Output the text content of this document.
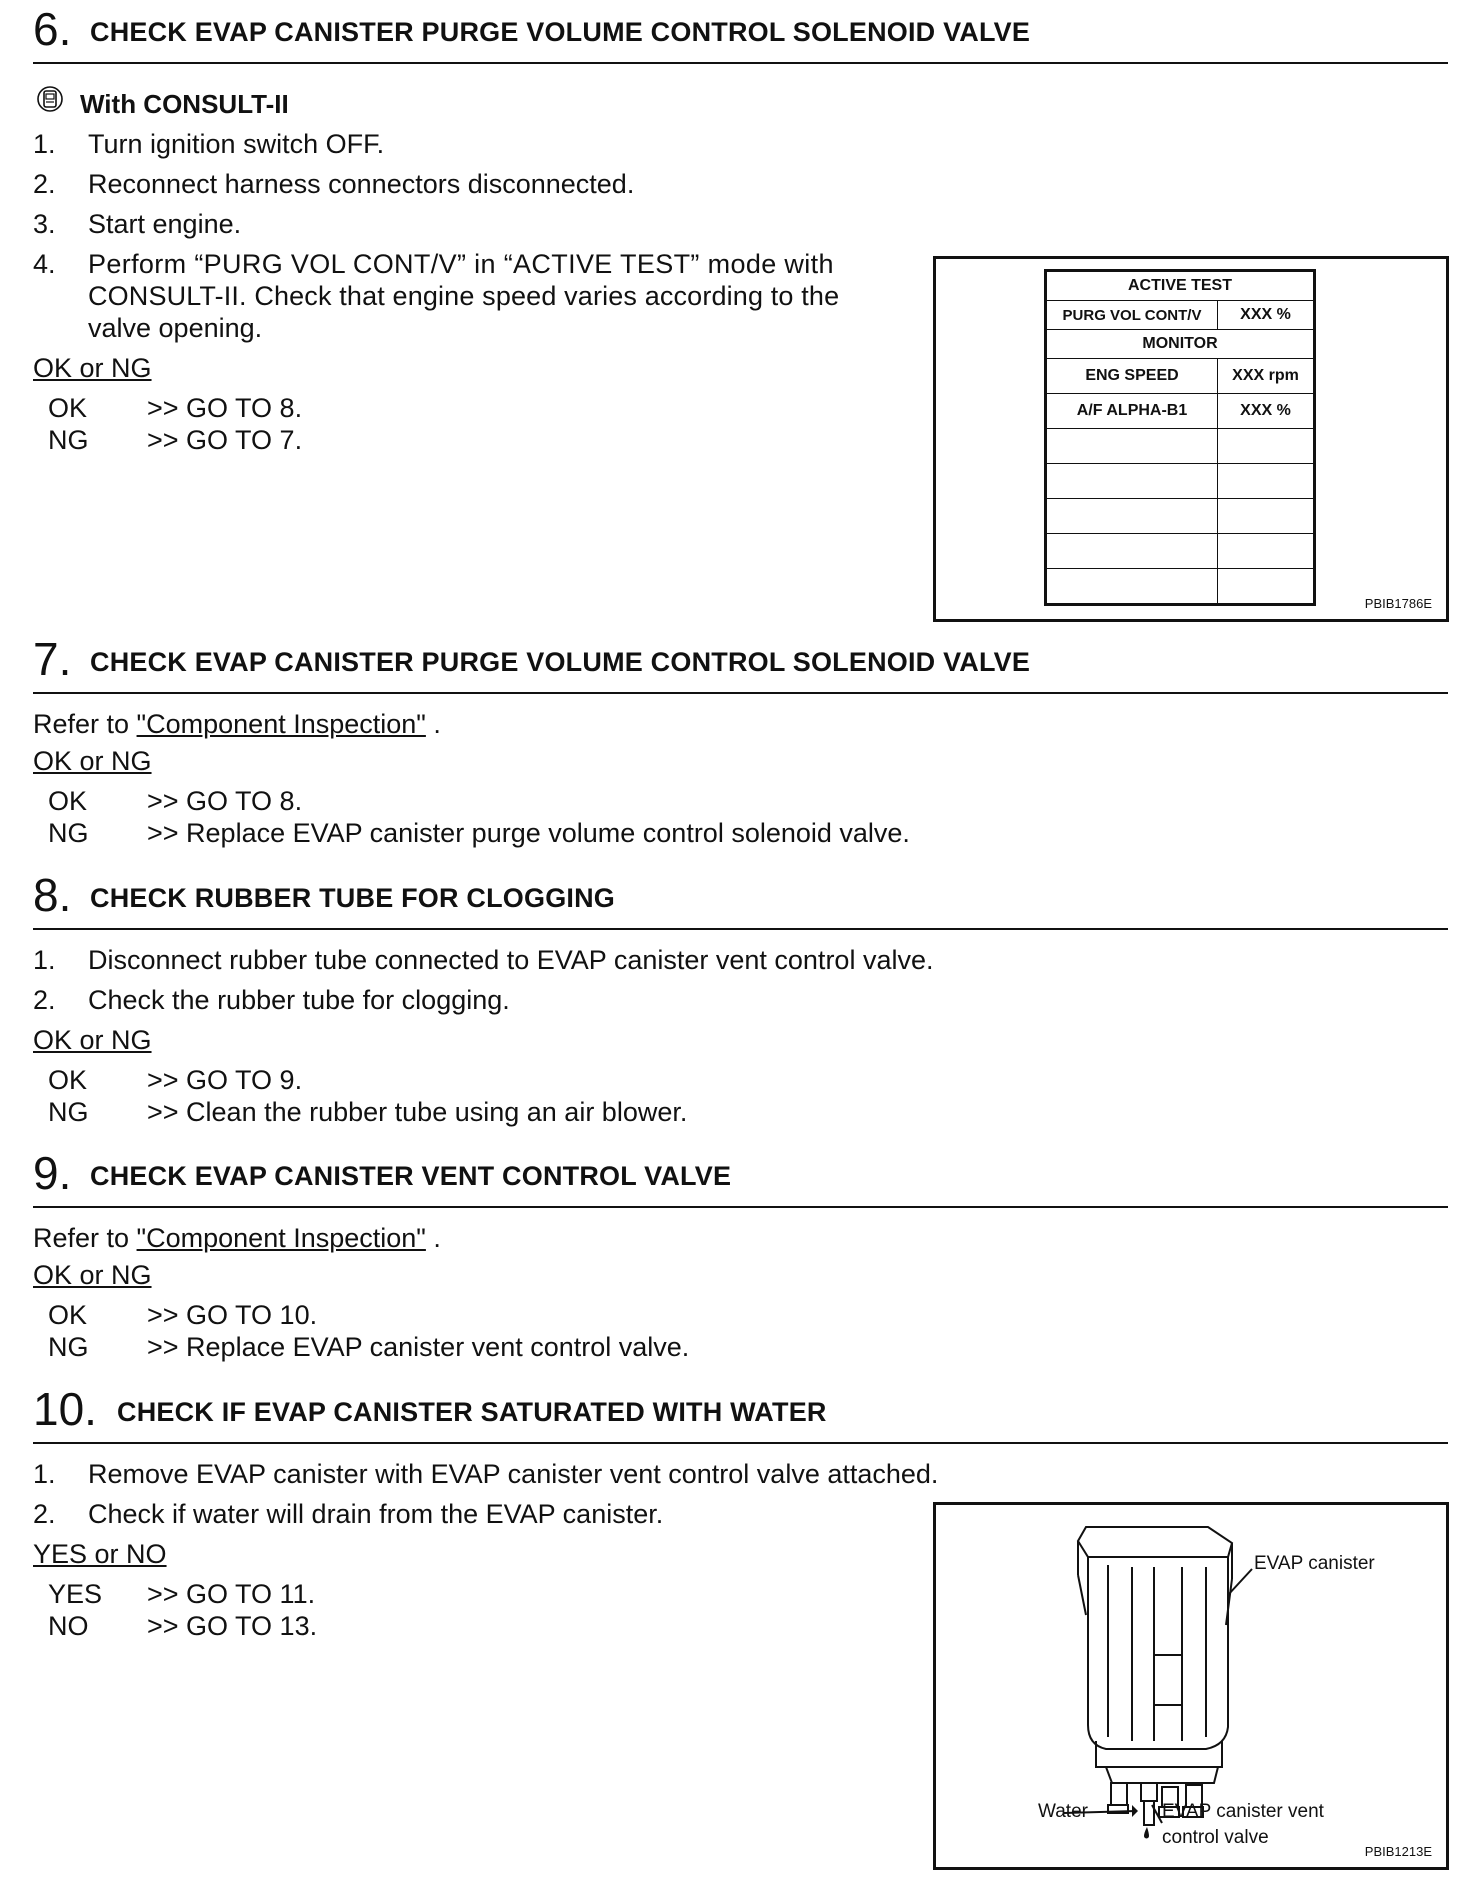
6. CHECK EVAP CANISTER PURGE VOLUME CONTROL SOLENOID VALVE
With CONSULT-II
1. Turn ignition switch OFF.
2. Reconnect harness connectors disconnected.
3. Start engine.
4. Perform “PURG VOL CONT/V” in “ACTIVE TEST” mode with
CONSULT-II. Check that engine speed varies according to the
valve opening.
OK or NG
OK >> GO TO 8.
NG >> GO TO 7.
ACTIVE TEST	
PURG VOL CONT/V	XXX %
MONITOR	
ENG SPEED	XXX rpm
A/F ALPHA-B1	XXX %

PBIB1786E
7. CHECK EVAP CANISTER PURGE VOLUME CONTROL SOLENOID VALVE
Refer to "Component Inspection" .
OK or NG
OK >> GO TO 8.
NG >> Replace EVAP canister purge volume control solenoid valve.
8. CHECK RUBBER TUBE FOR CLOGGING
1. Disconnect rubber tube connected to EVAP canister vent control valve.
2. Check the rubber tube for clogging.
OK or NG
OK >> GO TO 9.
NG >> Clean the rubber tube using an air blower.
9. CHECK EVAP CANISTER VENT CONTROL VALVE
Refer to "Component Inspection" .
OK or NG
OK >> GO TO 10.
NG >> Replace EVAP canister vent control valve.
10. CHECK IF EVAP CANISTER SATURATED WITH WATER
1. Remove EVAP canister with EVAP canister vent control valve attached.
2. Check if water will drain from the EVAP canister.
YES or NO
YES >> GO TO 11.
NO >> GO TO 13.
EVAP canister
Water	EVAP canister vent
control valve
PBIB1213E
